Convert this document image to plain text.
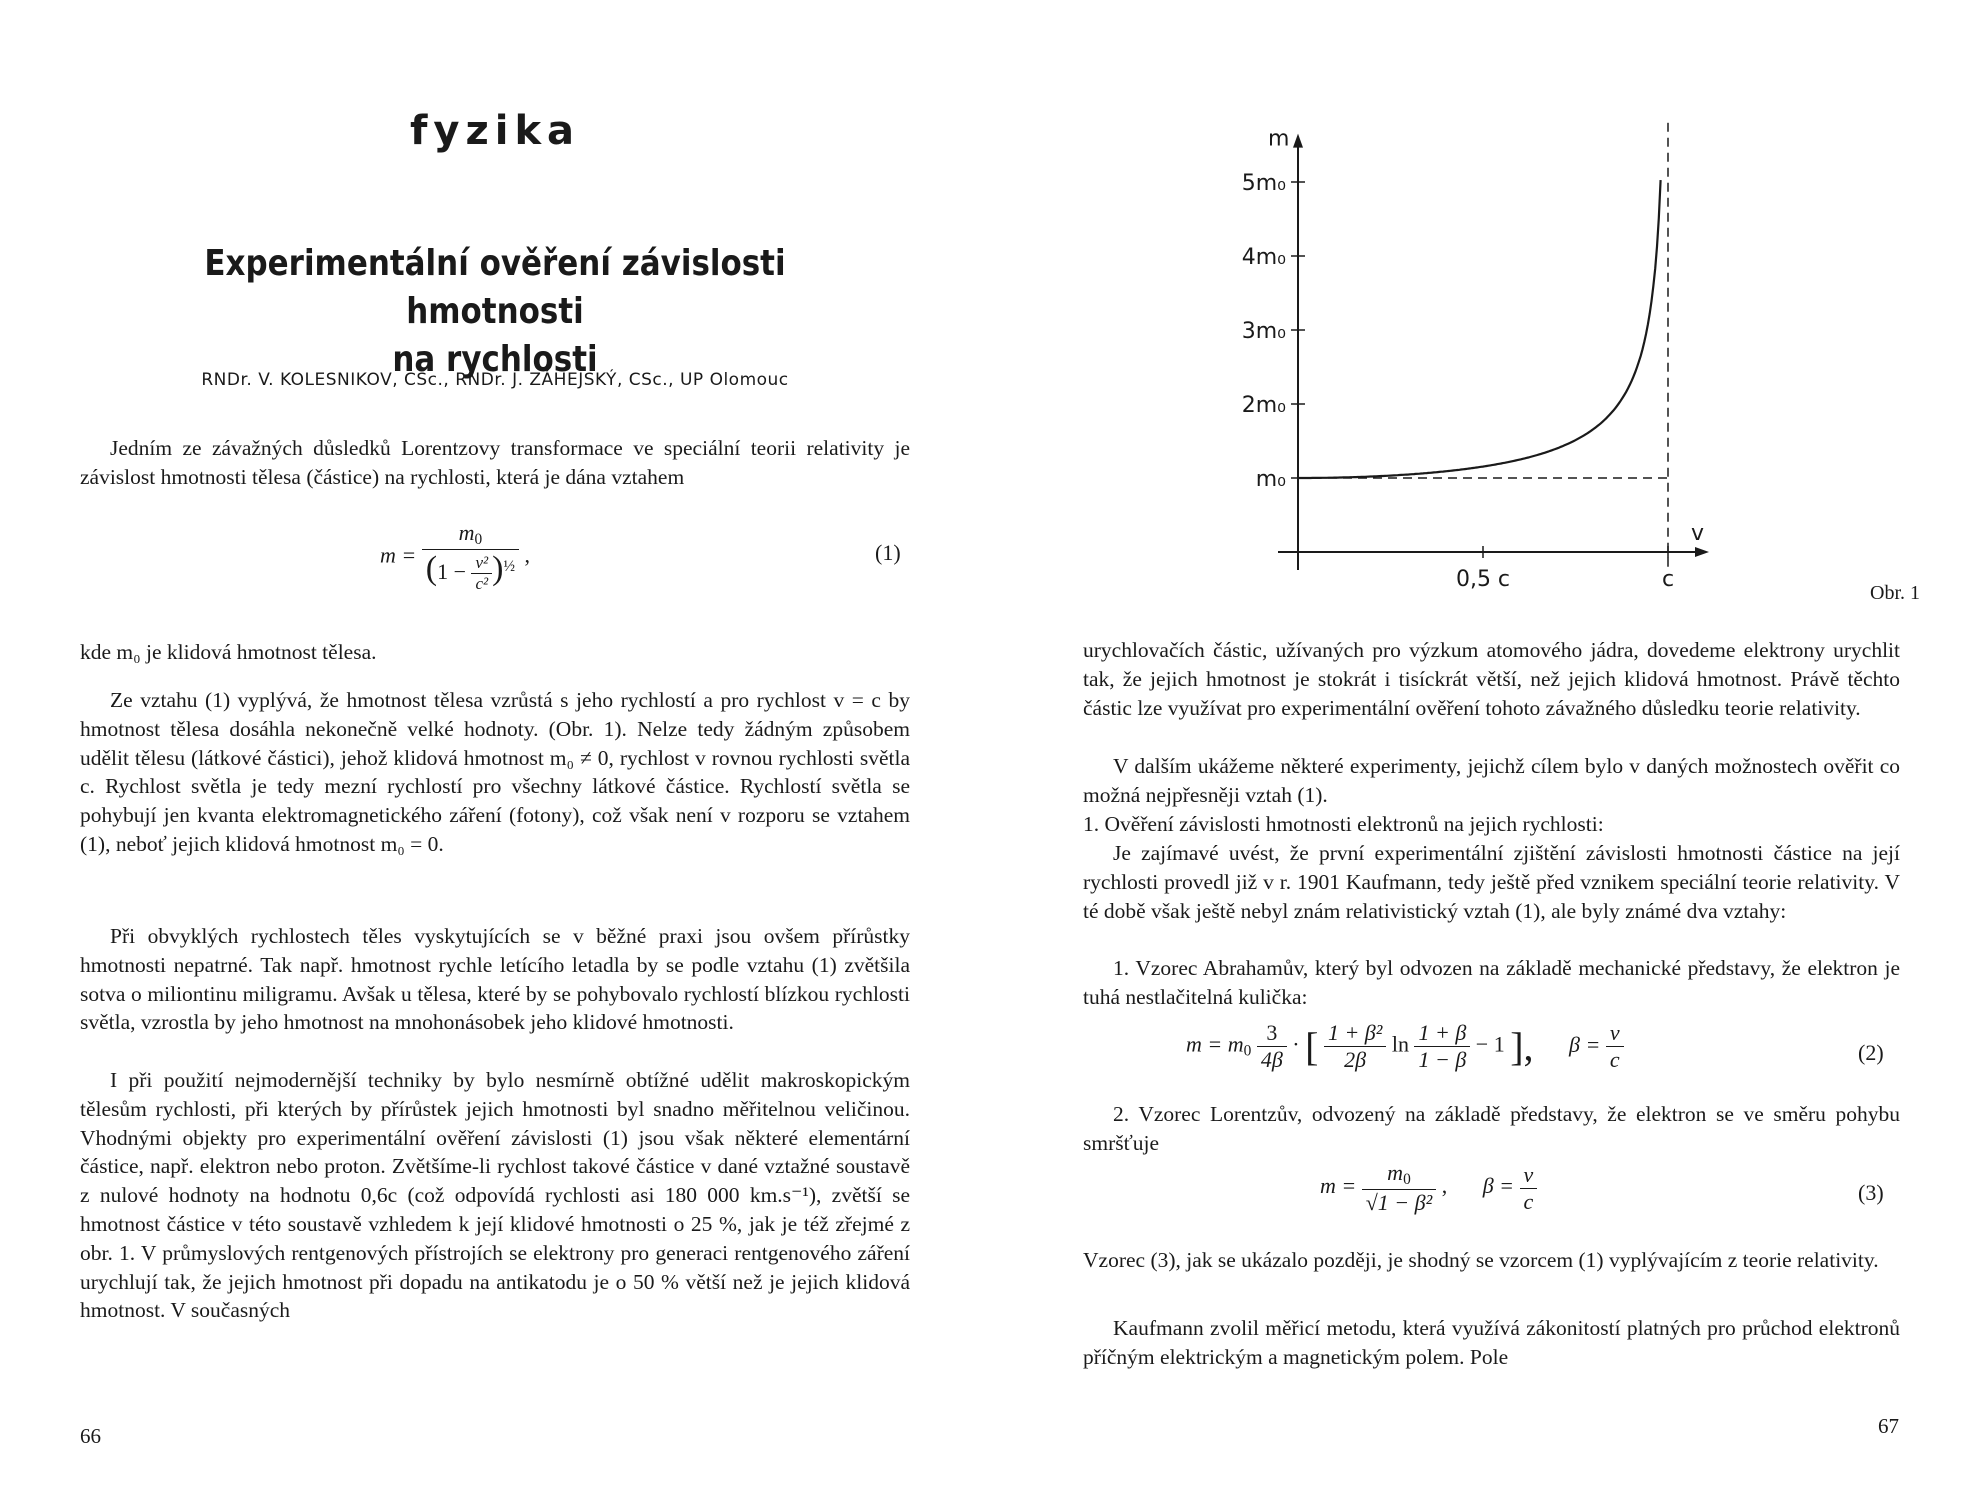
fyzika
Experimentální ověření závislosti hmotnosti
na rychlosti
RNDr. V. KOLESNIKOV, CSc., RNDr. J. ZÁHEJSKÝ, CSc., UP Olomouc

Jedním ze závažných důsledků Lorentzovy transformace ve speciální teorii relativity je závislost hmotnosti tělesa (částice) na rychlosti, která je dána vztahem

$m = \frac{m_0}{(1 - \frac{\text{v²}}{\text{c²}} )^{\frac{1}{2}}}$ ,	(1)

kde m₀ je klidová hmotnost tělesa.

Ze vztahu (1) vyplývá, že hmotnost tělesa vzrůstá s jeho rychlostí a pro rychlost v = c by hmotnost tělesa dosáhla nekonečně velké hodnoty. (Obr. 1). Nelze tedy žádným způsobem udělit tělesu (látkové částici), jehož klidová hmotnost m₀ ≠ 0, rychlost v rovnou rychlosti světla c. Rychlost světla je tedy mezní rychlostí pro všechny látkové částice. Rychlostí světla se pohybují jen kvanta elektromagnetického záření (fotony), což však není v rozporu se vztahem (1), neboť jejich klidová hmotnost m₀ = 0.

Při obvyklých rychlostech těles vyskytujících se v běžné praxi jsou ovšem přírůstky hmotnosti nepatrné. Tak např. hmotnost rychle letícího letadla by se podle vztahu (1) zvětšila sotva o miliontinu miligramu. Avšak u tělesa, které by se pohybovalo rychlostí blízkou rychlosti světla, vzrostla by jeho hmotnost na mnohonásobek jeho klidové hmotnosti.

I při použití nejmodernější techniky by bylo nesmírně obtížné udělit makroskopickým tělesům rychlosti, při kterých by přírůstek jejich hmotnosti byl snadno měřitelnou veličinou. Vhodnými objekty pro experimentální ověření závislosti (1) jsou však některé elementární částice, např. elektron nebo proton. Zvětšíme-li rychlost takové částice v dané vztažné soustavě z nulové hodnoty na hodnotu 0,6c (což odpovídá rychlosti asi 180 000 km.s⁻¹), zvětší se hmotnost částice v této soustavě vzhledem k její klidové hmotnosti o 25 %, jak je též zřejmé z obr. 1. V průmyslových rentgenových přístrojích se elektrony pro generaci rentgenového záření urychlují tak, že jejich hmotnost při dopadu na antikatodu je o 50 % větší než je jejich klidová hmotnost. V současných

66
m
v
m₀
2m₀
3m₀
4m₀
5m₀
0,5 c	c
Obr. 1

urychlovačích částic, užívaných pro výzkum atomového jádra, dovedeme elektrony urychlit tak, že jejich hmotnost je stokrát i tisíckrát větší, než jejich klidová hmotnost. Právě těchto částic lze využívat pro experimentální ověření tohoto závažného důsledku teorie relativity.

V dalším ukážeme některé experimenty, jejichž cílem bylo v daných možnostech ověřit co možná nejpřesněji vztah (1).

1. Ověření závislosti hmotnosti elektronů na jejich rychlosti:

Je zajímavé uvést, že první experimentální zjištění závislosti hmotnosti částice na její rychlosti provedl již v r. 1901 Kaufmann, tedy ještě před vznikem speciální teorie relativity. V té době však ještě nebyl znám relativistický vztah (1), ale byly známé dva vztahy:

1. Vzorec Abrahamův, který byl odvozen na základě mechanické představy, že elektron je tuhá nestlačitelná kulička:

$m = m_0 \frac{3}{4\beta}$ · [ $\frac{\text{1 + β²}}{2\beta}$ $\ln \frac{1 + \beta}{1 - \beta} - 1$ ], $\beta = \frac{v}{c}$	(2)

2. Vzorec Lorentzův, odvozený na základě představy, že elektron se ve směru pohybu smršťuje

$m = \frac{m_0}{\text{√1 − β²}}$ , $\beta = \frac{v}{c}$	(3)

Vzorec (3), jak se ukázalo později, je shodný se vzorcem (1) vyplývajícím z teorie relativity.

Kaufmann zvolil měřicí metodu, která využívá zákonitostí platných pro průchod elektronů příčným elektrickým a magnetickým polem. Pole

67
